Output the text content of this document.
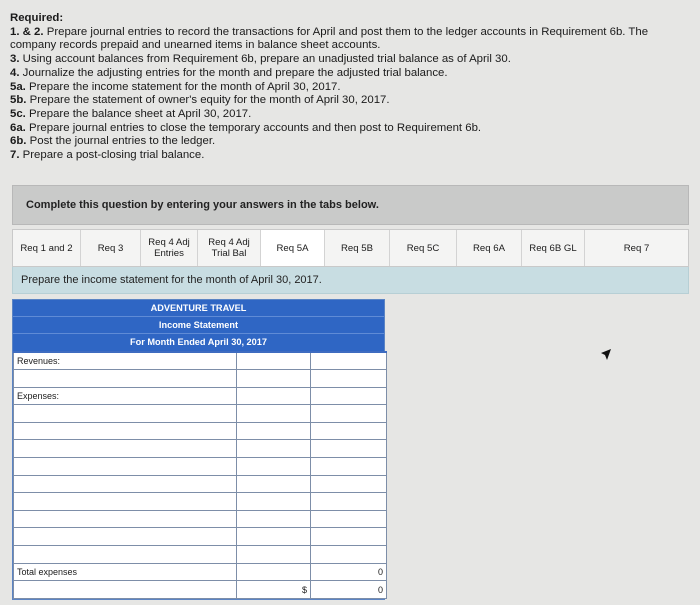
Required:
1. & 2. Prepare journal entries to record the transactions for April and post them to the ledger accounts in Requirement 6b. The company records prepaid and unearned items in balance sheet accounts.
3. Using account balances from Requirement 6b, prepare an unadjusted trial balance as of April 30.
4. Journalize the adjusting entries for the month and prepare the adjusted trial balance.
5a. Prepare the income statement for the month of April 30, 2017.
5b. Prepare the statement of owner's equity for the month of April 30, 2017.
5c. Prepare the balance sheet at April 30, 2017.
6a. Prepare journal entries to close the temporary accounts and then post to Requirement 6b.
6b. Post the journal entries to the ledger.
7. Prepare a post-closing trial balance.
Complete this question by entering your answers in the tabs below.
Req 1 and 2	Req 3	Req 4 Adj
Entries
Req 4 Adj
Trial Bal	Req 5A	Req 5B	Req 5C	Req 6A	Req 6B GL	Req 7
Prepare the income statement for the month of April 30, 2017.
ADVENTURE TRAVEL
Income Statement
For Month Ended April 30, 2017
Revenues:		

Expenses:		

Total expenses		0
	$	0
